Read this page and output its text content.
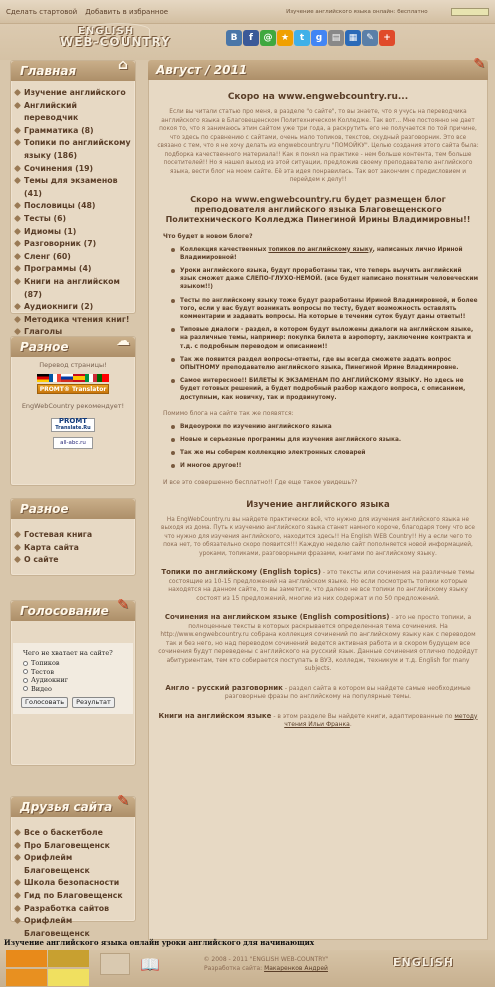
Сделать стартовой Добавить в избранное	Изучение английского языка онлайн: бесплатно
ENGLISH
WEB-COUNTRY	В	f	@ ★	t	g	▤ ▦ ✎	+
Главная	⌂
Изучение английского
Английский переводчик
Грамматика (8)
Топики по английскому языку (186)
Сочинения (19)
Темы для экзаменов (41)
Пословицы (48)
Тесты (6)
Идиомы (1)
Разговорник (7)
Сленг (60)
Программы (4)
Книги на английском (87)
Аудиокниги (2)
Методика чтения книг!
Глаголы
Разное	☁
Перевод страницы!
PROMT® Translator
EngWebCountry рекомендует!
PROMT
Translate.Ru
all-abc.ru
Разное
Гостевая книга
Карта сайта
О сайте
Голосование ✎
Чего не хватает на сайте?
Топиков
Тестов
Аудиокниг
Видео
Голосовать	Результат
Друзья сайта ✎
Все о баскетболе
Про Благовещенск
Орифлейм Благовещенск
Школа безопасности
Гид по Благовещенск
Разработка сайтов
Орифлейм Благовещенск
Август / 2011	✎
Скоро на www.engwebcountry.ru...
Если вы читали статью про меня, в разделе "о сайте", то вы знаете, что я учусь на переводчика английского языка в Благовещенском Политехническом Колледже. Так вот... Мне постоянно не дает покоя то, что я занимаюсь этим сайтом уже три года, а раскрутить его не получается по той причине, что здесь по сравнению с сайтами, очень мало топиков, текстов, скудный разговорник. Это все связано с тем, что я не хочу делать из engwebcountry.ru "ПОМОЙКУ". Целью создания этого сайта была: подборка качественного материала!! Как я понял на практике - нем больше контента, тем больше посетителей!! Но я нашел выход из этой ситуации, предложив своему преподавателю английского языка, вести блог на моем сайте. Её эта идея понравилась. Так вот закончим с предисловием и перейдем к делу!!
Скоро на www.engwebcountry.ru будет размещен блог преподователя английского языка Благовещенского Политехнического Колледжа Пинегиной Ирины Владимировны!!
Что будет в новом блоге?
Коллекция качественных топиков по английскому языку, написаных лично Ириной Владимировной!
Уроки английского языка, будут проработаны так, что теперь выучить английский язык сможет даже СЛЕПО-ГЛУХО-НЕМОЙ. (все будет написано понятным человеческим языком!!)
Тесты по английскому языку тоже будут разработаны Ириной Владимировной, и более того, если у вас будут возникать вопросы по тесту, будет возможность оставлять комментарии и задавать вопросы. На которые в течении суток будут даны ответы!!
Типовые диалоги - раздел, в котором будут выложены диалоги на английском языке, на различные темы, например: покупка билета в аэропорту, заключение контракта и т.д. с подробным переводом и описанием!!
Так же появится раздел вопросы-ответы, где вы всегда сможете задать вопрос ОПЫТНОМУ преподавателю английского языка, Пинегиной Ирине Владимировне.
Самое интересное!! БИЛЕТЫ К ЭКЗАМЕНАМ ПО АНГЛИЙСКОМУ ЯЗЫКУ. Но здесь не будет готовых решений, а будет подробный разбор каждого вопроса, с описанием, доступным, как новичку, так и продвинутому.
Помимо блога на сайте так же появятся:
Видеоуроки по изучению английского языка
Новые и серьезные программы для изучения английского языка.
Так же мы соберем коллекцию электронных словарей
И многое другое!!
И все это совершенно бесплатно!! Где еще такое увидешь??
Изучение английского языка
На EngWebCountry.ru вы найдете практически всё, что нужно для изучения английского языка не выходя из дома. Путь к изучению английского языка станет намного короче, благодаря тому что все что нужно для изучения английского, находится здесь!! На English WEB Country!! Ну а если чего то пока нет, то обязательно скоро появится!!! Каждую неделю сайт пополняется новой информацией, уроками, топиками, разговорными фразами, книгами по английскому языку.
Топики по английскому (English topics) - это тексты или сочинения на различные темы состоящие из 10-15 предложений на английском языке. Но если посмотреть топики которые находятся на данном сайте, то вы заметите, что далеко не все топики по английскому языку состоят из 15 предложений, многие из них содержат и по 50 предложений.
Сочинения на английском языке (English compositions) - это не просто топики, а полноценные тексты в которых раскрывается определенная тема сочинения. На http://www.engwebcountry.ru собрана коллекция сочинений по английскому языку как с переводом так и без него, но над переводом сочинений ведется активная работа и в скором будущем все сочинения будут переведены с английского на русский язык. Данные сочинения отлично подойдут абитуриентам, тем кто собирается поступать в ВУЗ, колледж, техникум и т.д. English for many subjects.
Англо - русский разговорник - раздел сайта в котором вы найдете самые необходимые разговорные фразы по английскому на популярные темы.
Книги на английском языке - в этом разделе Вы найдете книги, адаптированные по методу чтения Ильи Франка.
Изучение английского языка онлайн уроки английского для начинающих
📖	© 2008 - 2011 "ENGLISH WEB-COUNTRY"
Разработка сайта: Макаренков Андрей	ENGLISH
